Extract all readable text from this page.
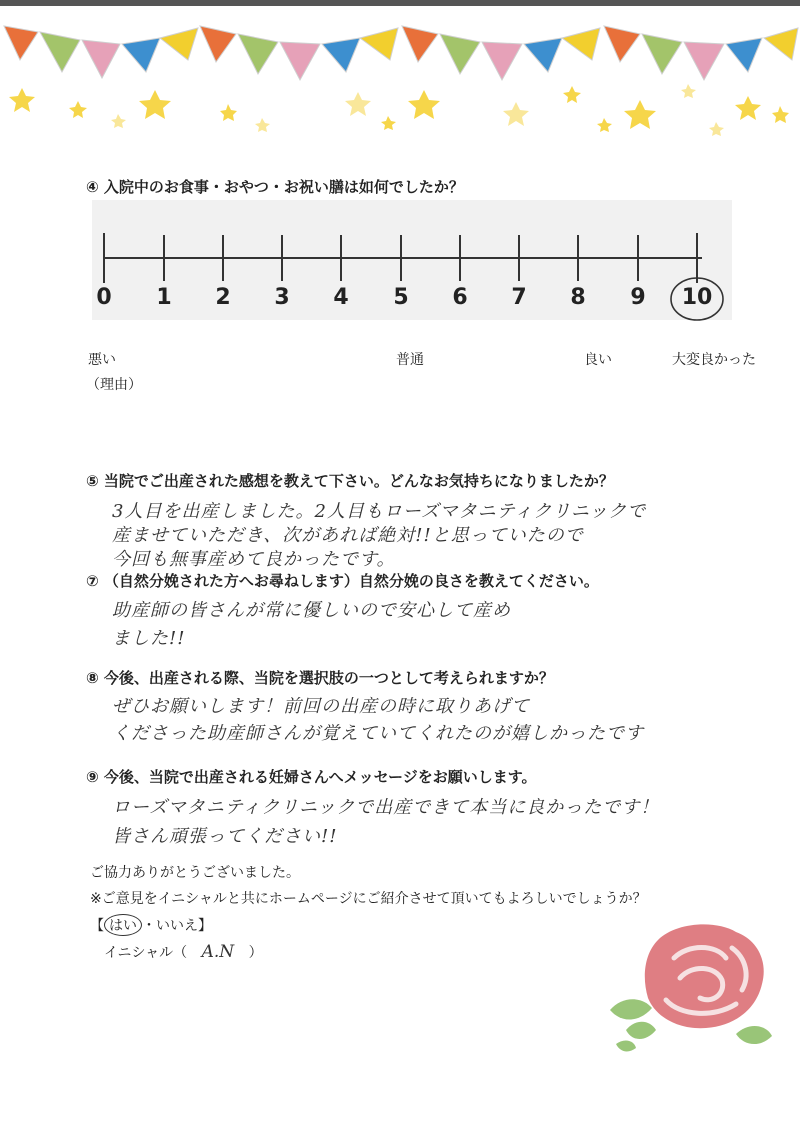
④ 入院中のお食事・おやつ・お祝い膳は如何でしたか？
0	1	2	3	4	5	6	7	8	9	10
悪い	普通	良い	大変良かった
（理由）
⑤ 当院でご出産された感想を教えて下さい。どんなお気持ちになりましたか？
3人目を出産しました。2人目もローズマタニティクリニックで
産ませていただき、次があれば絶対!!と思っていたので
今回も無事産めて良かったです。
⑦ （自然分娩された方へお尋ねします）自然分娩の良さを教えてください。
助産師の皆さんが常に優しいので安心して産め
ました!!
⑧ 今後、出産される際、当院を選択肢の一つとして考えられますか？
ぜひお願いします！前回の出産の時に取りあげて
くださった助産師さんが覚えていてくれたのが嬉しかったです
⑨ 今後、当院で出産される妊婦さんへメッセージをお願いします。
ローズマタニティクリニックで出産できて本当に良かったです！
皆さん頑張ってください!!
ご協力ありがとうございました。
※ご意見をイニシャルと共にホームページにご紹介させて頂いてもよろしいでしょうか？
【 はい ・いいえ】
イニシャル（ A.N ）
